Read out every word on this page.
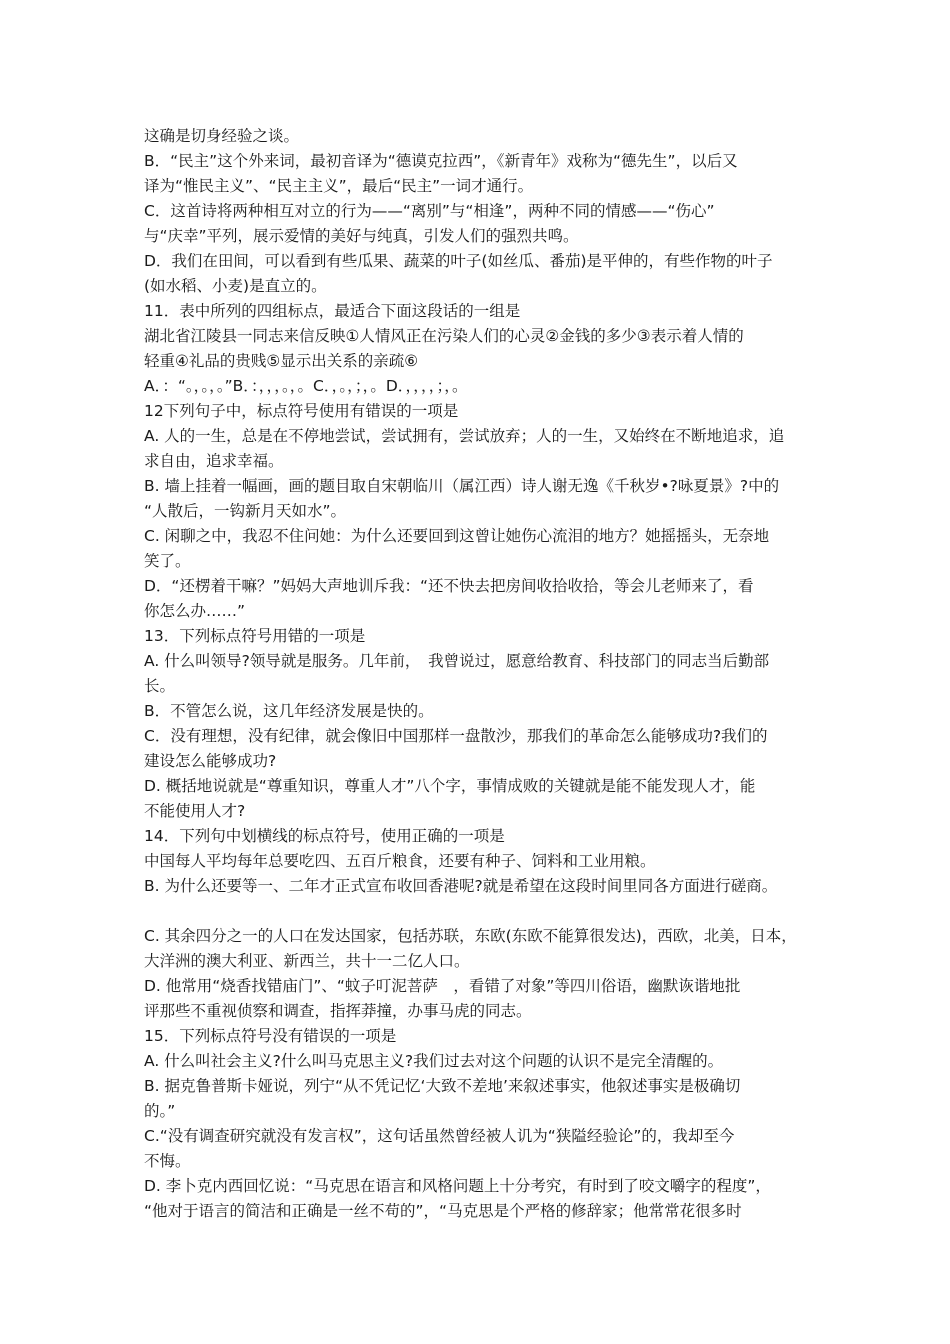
这确是切身经验之谈。
B．“民主”这个外来词，最初音译为“德谟克拉西”，《新青年》戏称为“德先生”，以后又
译为“惟民主义”、“民主主义”，最后“民主”一词才通行。
C．这首诗将两种相互对立的行为——“离别”与“相逢”，两种不同的情感——“伤心”
与“庆幸”平列，展示爱情的美好与纯真，引发人们的强烈共鸣。
D．我们在田间，可以看到有些瓜果、蔬菜的叶子(如丝瓜、番茄)是平伸的，有些作物的叶子
(如水稻、小麦)是直立的。
11．表中所列的四组标点，最适合下面这段话的一组是
湖北省江陵县一同志来信反映①人情风正在污染人们的心灵②金钱的多少③表示着人情的
轻重④礼品的贵贱⑤显示出关系的亲疏⑥
A．：“。，。，。”B．：，，，。，。C．，。，；，。D．，，，，；，。
12下列句子中，标点符号使用有错误的一项是
A. 人的一生，总是在不停地尝试，尝试拥有，尝试放弃；人的一生，又始终在不断地追求，追
求自由，追求幸福。
B. 墙上挂着一幅画，画的题目取自宋朝临川（属江西）诗人谢无逸《千秋岁•?咏夏景》?中的
“人散后，一钩新月天如水”。
C. 闲聊之中，我忍不住问她：为什么还要回到这曾让她伤心流泪的地方？她摇摇头，无奈地
笑了。
D．“还楞着干嘛？”妈妈大声地训斥我：“还不快去把房间收拾收拾，等会儿老师来了，看
你怎么办……”
13．下列标点符号用错的一项是
A. 什么叫领导?领导就是服务。几年前，　我曾说过，愿意给教育、科技部门的同志当后勤部
长。
B．不管怎么说，这几年经济发展是快的。
C．没有理想，没有纪律，就会像旧中国那样一盘散沙，那我们的革命怎么能够成功?我们的
建设怎么能够成功?
D. 概括地说就是“尊重知识，尊重人才”八个字，事情成败的关键就是能不能发现人才，能
不能使用人才?
14．下列句中划横线的标点符号，使用正确的一项是
中国每人平均每年总要吃四、五百斤粮食，还要有种子、饲料和工业用粮。
B. 为什么还要等一、二年才正式宣布收回香港呢?就是希望在这段时间里同各方面进行磋商。
C. 其余四分之一的人口在发达国家，包括苏联，东欧(东欧不能算很发达)，西欧，北美，日本，
大洋洲的澳大利亚、新西兰，共十一二亿人口。
D. 他常用“烧香找错庙门”、“蚊子叮泥菩萨　，看错了对象”等四川俗语，幽默诙谐地批
评那些不重视侦察和调查，指挥莽撞，办事马虎的同志。
15．下列标点符号没有错误的一项是
A. 什么叫社会主义?什么叫马克思主义?我们过去对这个问题的认识不是完全清醒的。
B. 据克鲁普斯卡娅说，列宁“从不凭记忆‘大致不差地’来叙述事实，他叙述事实是极确切
的。”
C.“没有调查研究就没有发言权”，这句话虽然曾经被人讥为“狭隘经验论”的，我却至今
不悔。
D. 李卜克内西回忆说：“马克思在语言和风格问题上十分考究，有时到了咬文嚼字的程度”，
“他对于语言的简洁和正确是一丝不苟的”，“马克思是个严格的修辞家；他常常花很多时
